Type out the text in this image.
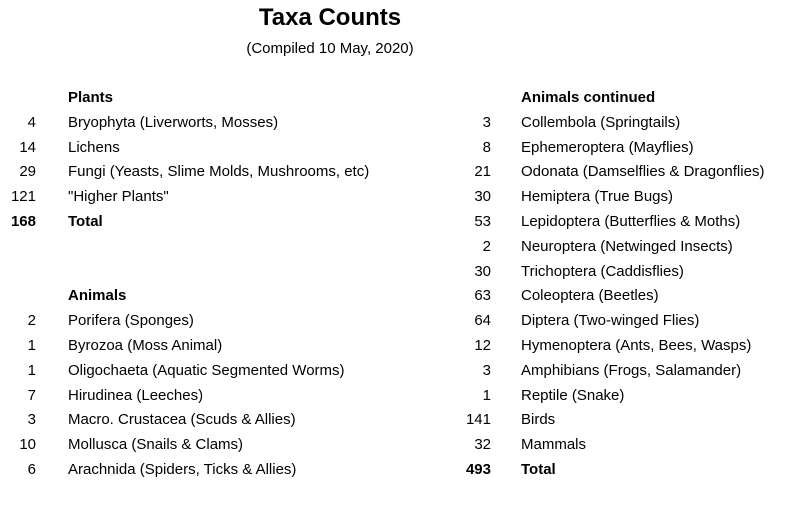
Taxa Counts
(Compiled 10 May, 2020)
Plants
4 Bryophyta (Liverworts, Mosses)
14 Lichens
29 Fungi (Yeasts, Slime Molds, Mushrooms, etc)
121 "Higher Plants"
168 Total
Animals
2 Porifera (Sponges)
1 Byrozoa (Moss Animal)
1 Oligochaeta (Aquatic Segmented Worms)
7 Hirudinea (Leeches)
3 Macro. Crustacea (Scuds & Allies)
10 Mollusca (Snails & Clams)
6 Arachnida (Spiders, Ticks & Allies)
Animals continued
3 Collembola (Springtails)
8 Ephemeroptera (Mayflies)
21 Odonata (Damselflies & Dragonflies)
30 Hemiptera (True Bugs)
53 Lepidoptera (Butterflies & Moths)
2 Neuroptera (Netwinged Insects)
30 Trichoptera (Caddisflies)
63 Coleoptera (Beetles)
64 Diptera (Two-winged Flies)
12 Hymenoptera (Ants, Bees, Wasps)
3 Amphibians (Frogs, Salamander)
1 Reptile (Snake)
141 Birds
32 Mammals
493 Total
